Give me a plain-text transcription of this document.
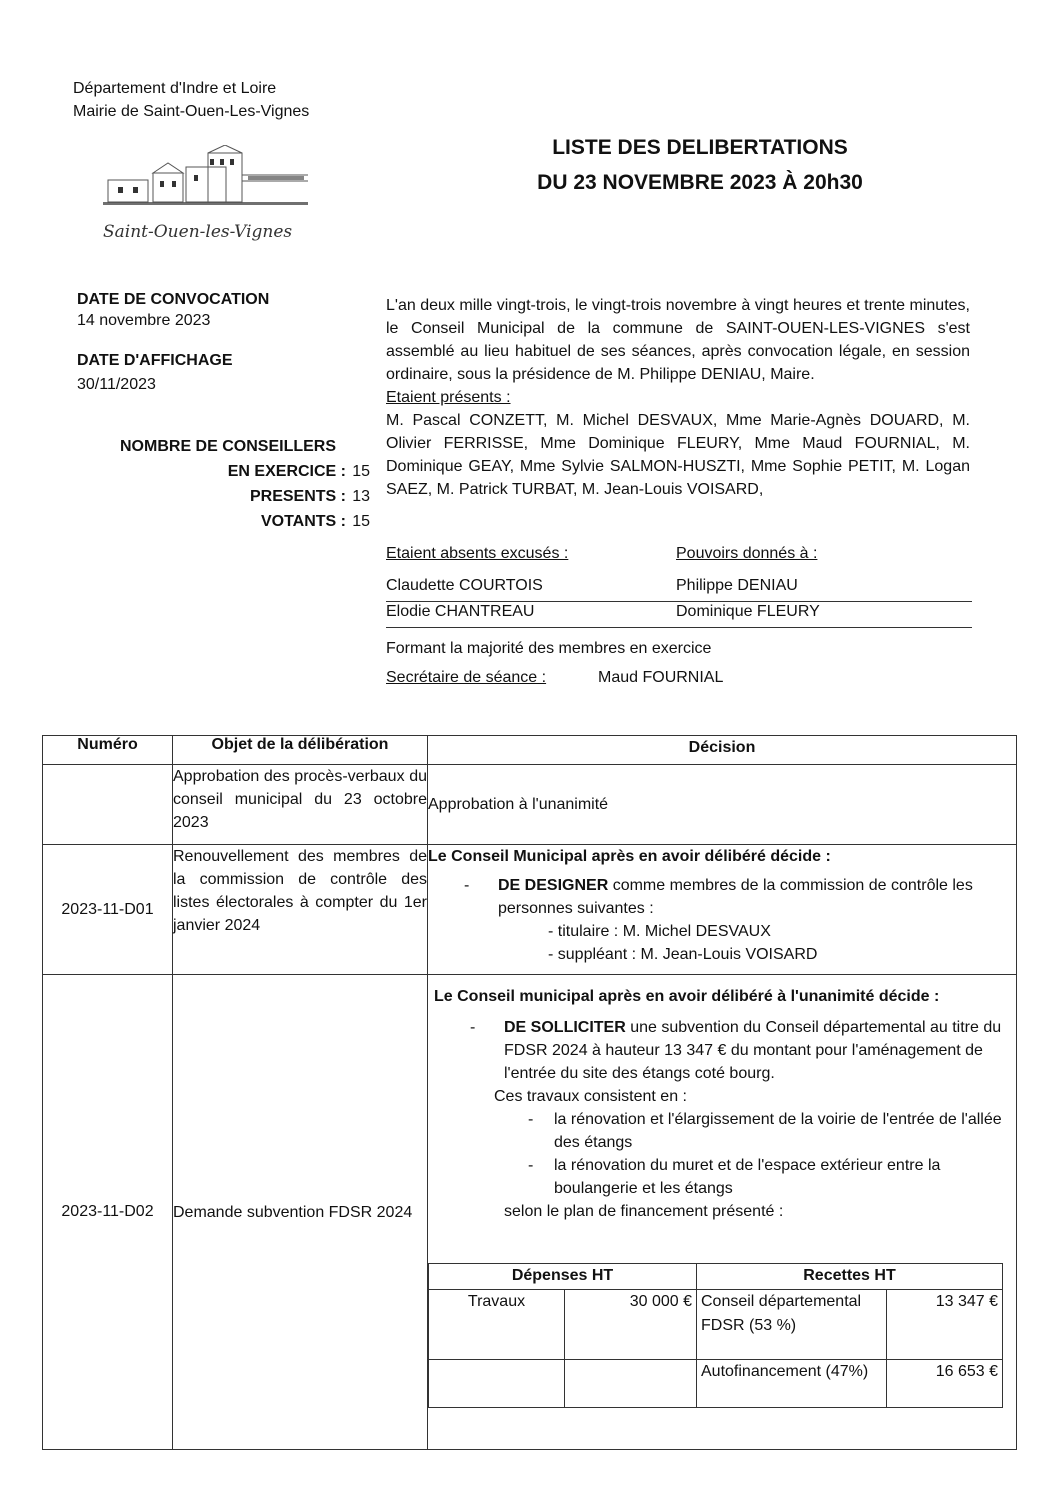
Département d'Indre et Loire
Mairie de Saint-Ouen-Les-Vignes
Saint-Ouen-les-Vignes
LISTE DES DELIBERTATIONS
DU 23 NOVEMBRE 2023 À 20h30
DATE DE CONVOCATION
14 novembre 2023
DATE D'AFFICHAGE
30/11/2023
NOMBRE DE CONSEILLERS
EN EXERCICE : 15
PRESENTS : 13
VOTANTS : 15
L'an deux mille vingt-trois, le vingt-trois novembre à vingt heures et trente minutes, le Conseil Municipal de la commune de SAINT-OUEN-LES-VIGNES s'est assemblé au lieu habituel de ses séances, après convocation légale, en session ordinaire, sous la présidence de M. Philippe DENIAU, Maire.
Etaient présents :
M. Pascal CONZETT, M. Michel DESVAUX, Mme Marie-Agnès DOUARD, M. Olivier FERRISSE, Mme Dominique FLEURY, Mme Maud FOURNIAL, M. Dominique GEAY, Mme Sylvie SALMON-HUSZTI, Mme Sophie PETIT, M. Logan SAEZ, M. Patrick TURBAT, M. Jean-Louis VOISARD,
Etaient absents excusés :	Pouvoirs donnés à :
Claudette COURTOIS	Philippe DENIAU
Elodie CHANTREAU	Dominique FLEURY
Formant la majorité des membres en exercice
Secrétaire de séance :	Maud FOURNIAL
Numéro	Objet de la délibération	Décision
	Approbation des procès-verbaux du conseil municipal du 23 octobre 2023	Approbation à l'unanimité
2023-11-D01	Renouvellement des membres de la commission de contrôle des listes électorales à compter du 1er janvier 2024	
Le Conseil Municipal après en avoir délibéré décide :
- DE DESIGNER comme membres de la commission de contrôle les personnes suivantes :
- titulaire : M. Michel DESVAUX
- suppléant : M. Jean-Louis VOISARD

2023-11-D02	Demande subvention FDSR 2024	
Le Conseil municipal après en avoir délibéré à l'unanimité décide :
- DE SOLLICITER une subvention du Conseil départemental au titre du FDSR 2024 à hauteur 13 347 € du montant pour l'aménagement de l'entrée du site des étangs coté bourg.
Ces travaux consistent en :
- la rénovation et l'élargissement de la voirie de l'entrée de l'allée des étangs
- la rénovation du muret et de l'espace extérieur entre la boulangerie et les étangs
selon le plan de financement présenté :
Dépenses HT	Recettes HT
Travaux	30 000 €	Conseil départemental FDSR (53 %)	13 347 €
		Autofinancement (47%)	16 653 €
